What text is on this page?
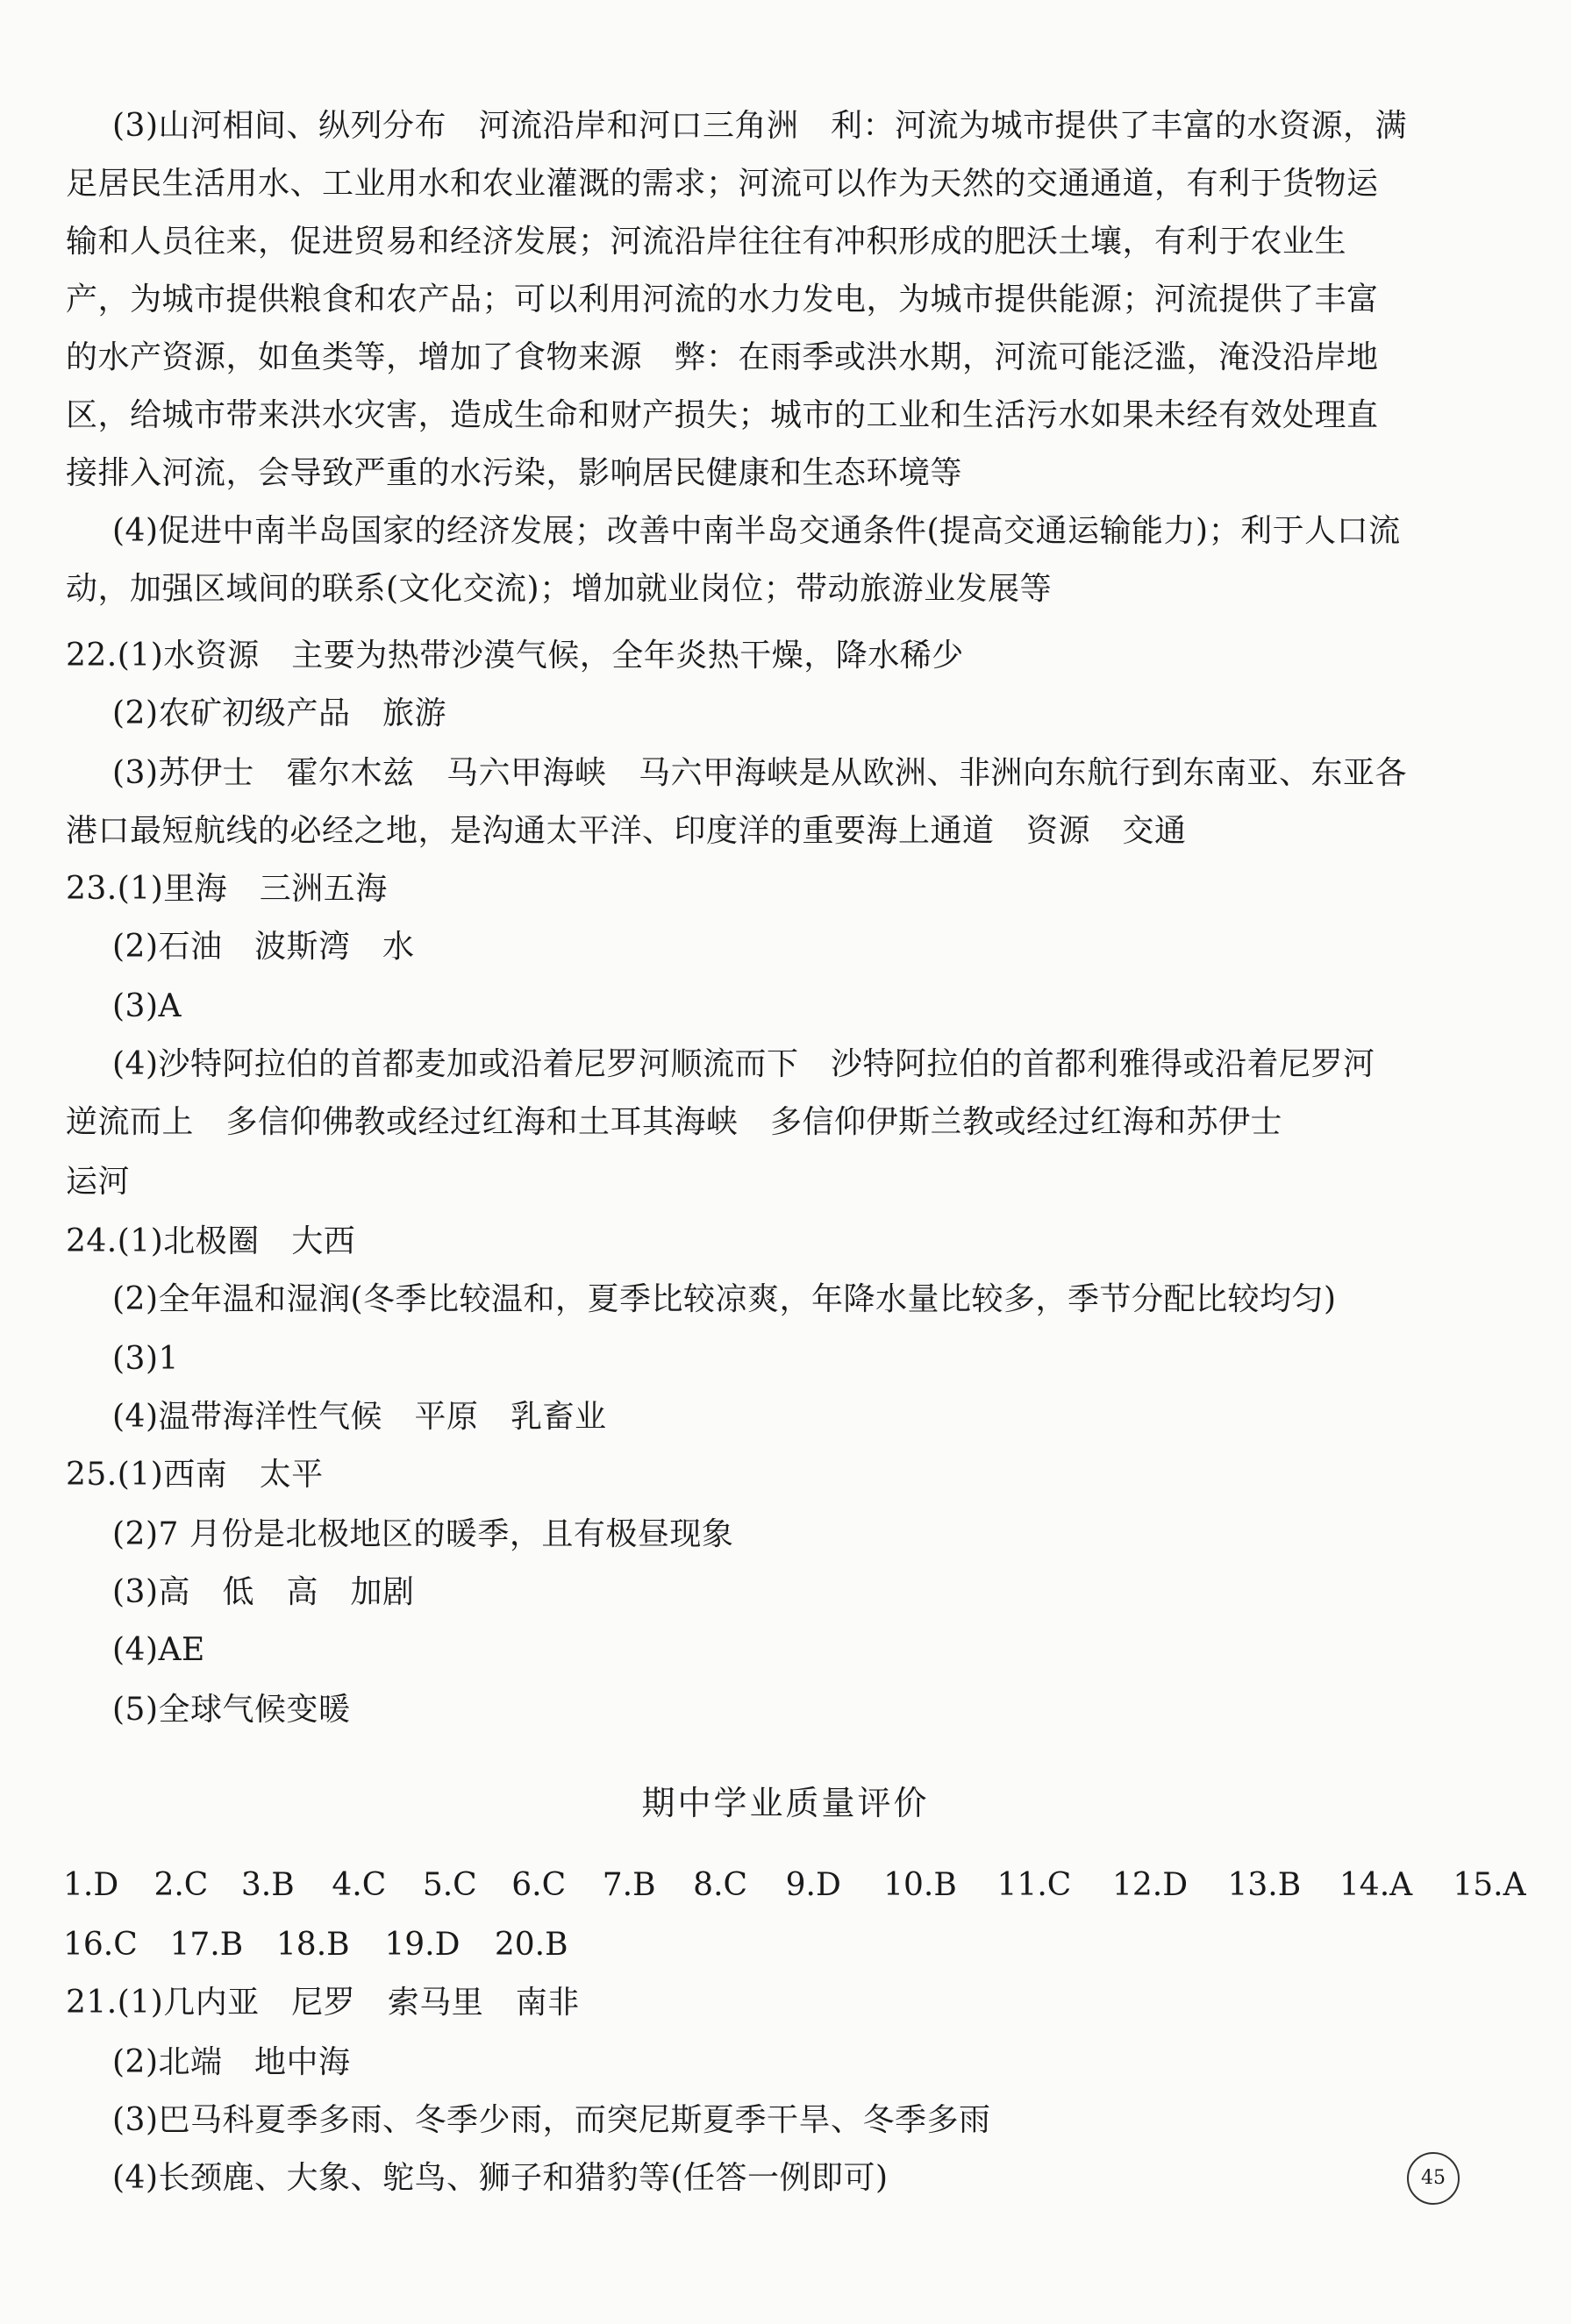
(3)山河相间、纵列分布　河流沿岸和河口三角洲　利：河流为城市提供了丰富的水资源，满
足居民生活用水、工业用水和农业灌溉的需求；河流可以作为天然的交通通道，有利于货物运
输和人员往来，促进贸易和经济发展；河流沿岸往往有冲积形成的肥沃土壤，有利于农业生
产，为城市提供粮食和农产品；可以利用河流的水力发电，为城市提供能源；河流提供了丰富
的水产资源，如鱼类等，增加了食物来源　弊：在雨季或洪水期，河流可能泛滥，淹没沿岸地
区，给城市带来洪水灾害，造成生命和财产损失；城市的工业和生活污水如果未经有效处理直
接排入河流，会导致严重的水污染，影响居民健康和生态环境等
(4)促进中南半岛国家的经济发展；改善中南半岛交通条件(提高交通运输能力)；利于人口流
动，加强区域间的联系(文化交流)；增加就业岗位；带动旅游业发展等
22.(1)水资源　主要为热带沙漠气候，全年炎热干燥，降水稀少
(2)农矿初级产品　旅游
(3)苏伊士　霍尔木兹　马六甲海峡　马六甲海峡是从欧洲、非洲向东航行到东南亚、东亚各
港口最短航线的必经之地，是沟通太平洋、印度洋的重要海上通道　资源　交通
23.(1)里海　三洲五海
(2)石油　波斯湾　水
(3)A
(4)沙特阿拉伯的首都麦加或沿着尼罗河顺流而下　沙特阿拉伯的首都利雅得或沿着尼罗河
逆流而上　多信仰佛教或经过红海和土耳其海峡　多信仰伊斯兰教或经过红海和苏伊士
运河
24.(1)北极圈　大西
(2)全年温和湿润(冬季比较温和，夏季比较凉爽，年降水量比较多，季节分配比较均匀)
(3)1
(4)温带海洋性气候　平原　乳畜业
25.(1)西南　太平
(2)7 月份是北极地区的暖季，且有极昼现象
(3)高　低　高　加剧
(4)AE
(5)全球气候变暖
期中学业质量评价
1.D 2.C 3.B 4.C 5.C 6.C 7.B 8.C 9.D 10.B 11.C 12.D 13.B 14.A 15.A
16.C 17.B 18.B 19.D 20.B
21.(1)几内亚　尼罗　索马里　南非
(2)北端　地中海
(3)巴马科夏季多雨、冬季少雨，而突尼斯夏季干旱、冬季多雨
(4)长颈鹿、大象、鸵鸟、狮子和猎豹等(任答一例即可)	45
